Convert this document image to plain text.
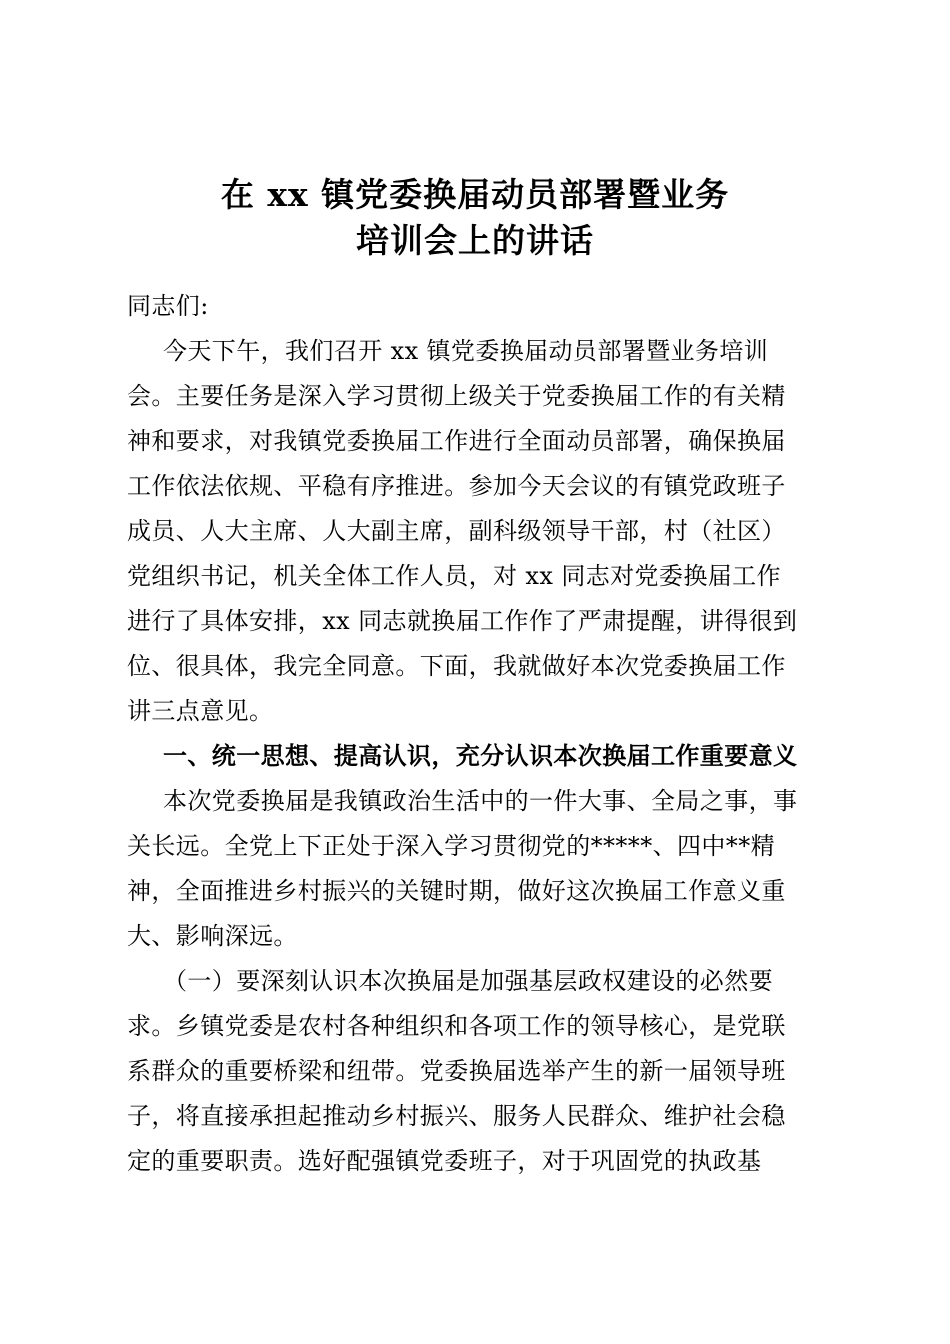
在 xx 镇党委换届动员部署暨业务
培训会上的讲话
同志们:
今天下午，我们召开 xx 镇党委换届动员部署暨业务培训
会。主要任务是深入学习贯彻上级关于党委换届工作的有关精
神和要求，对我镇党委换届工作进行全面动员部署，确保换届
工作依法依规、平稳有序推进。参加今天会议的有镇党政班子
成员、人大主席、人大副主席，副科级领导干部，村（社区）
党组织书记，机关全体工作人员，对 xx 同志对党委换届工作
进行了具体安排，xx 同志就换届工作作了严肃提醒，讲得很到
位、很具体，我完全同意。下面，我就做好本次党委换届工作
讲三点意见。
一、统一思想、提高认识，充分认识本次换届工作重要意义
本次党委换届是我镇政治生活中的一件大事、全局之事，事
关长远。全党上下正处于深入学习贯彻党的*****、四中**精
神，全面推进乡村振兴的关键时期，做好这次换届工作意义重
大、影响深远。
（一）要深刻认识本次换届是加强基层政权建设的必然要
求。乡镇党委是农村各种组织和各项工作的领导核心，是党联
系群众的重要桥梁和纽带。党委换届选举产生的新一届领导班
子，将直接承担起推动乡村振兴、服务人民群众、维护社会稳
定的重要职责。选好配强镇党委班子，对于巩固党的执政基
